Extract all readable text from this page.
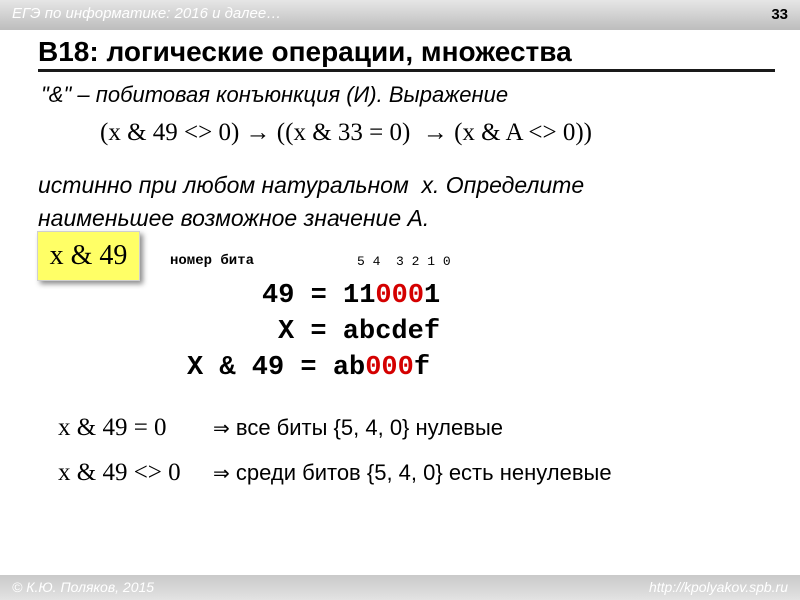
ЕГЭ по информатике: 2016 и далее…	33
B18: логические операции, множества
"&" – побитовая конъюнкция (И). Выражение
(x & 49 <> 0) → ((x & 33 = 0)  → (x & A <> 0))
истинно при любом натуральном  x. Определите
наименьшее возможное значение A.
x & 49	номер бита	5 4  3 2 1 0
49 = 110001
X = abcdef
X & 49 = ab000f
x & 49 = 0 ⇒ все биты {5, 4, 0} нулевые
x & 49 <> 0 ⇒ среди битов {5, 4, 0} есть ненулевые
© К.Ю. Поляков, 2015	http://kpolyakov.spb.ru
